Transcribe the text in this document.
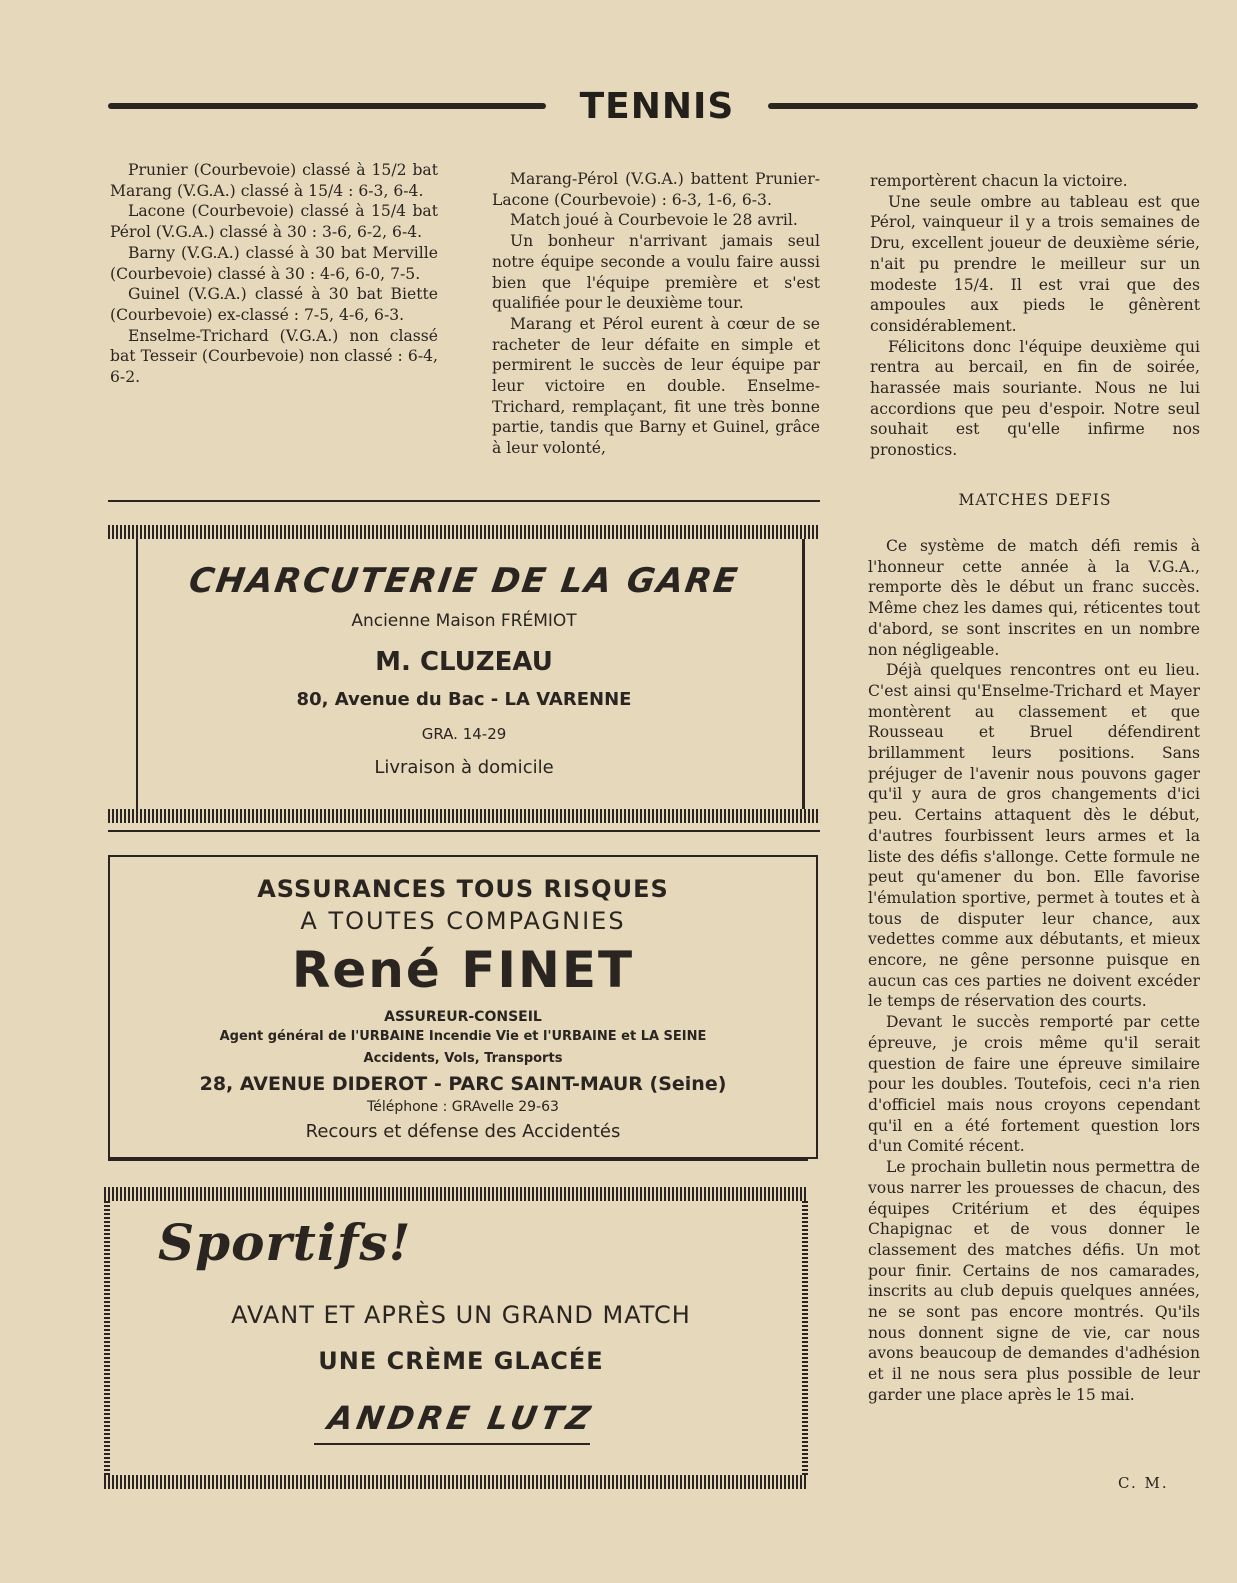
TENNIS

Prunier (Courbevoie) classé à 15/2 bat Marang (V.G.A.) classé à 15/4 : 6-3, 6-4.

Lacone (Courbevoie) classé à 15/4 bat Pérol (V.G.A.) classé à 30 : 3-6, 6-2, 6-4.

Barny (V.G.A.) classé à 30 bat Merville (Courbevoie) classé à 30 : 4-6, 6-0, 7-5.

Guinel (V.G.A.) classé à 30 bat Biette (Courbevoie) ex-classé : 7-5, 4-6, 6-3.

Enselme-Trichard (V.G.A.) non classé bat Tesseir (Courbevoie) non classé : 6-4, 6-2.

Marang-Pérol (V.G.A.) battent Prunier-Lacone (Courbevoie) : 6-3, 1-6, 6-3.

Match joué à Courbevoie le 28 avril.

Un bonheur n'arrivant jamais seul notre équipe seconde a voulu faire aussi bien que l'équipe première et s'est qualifiée pour le deuxième tour.

Marang et Pérol eurent à cœur de se racheter de leur défaite en simple et permirent le succès de leur équipe par leur victoire en double. Enselme-Trichard, remplaçant, fit une très bonne partie, tandis que Barny et Guinel, grâce à leur volonté,

remportèrent chacun la victoire.

Une seule ombre au tableau est que Pérol, vainqueur il y a trois semaines de Dru, excellent joueur de deuxième série, n'ait pu prendre le meilleur sur un modeste 15/4. Il est vrai que des ampoules aux pieds le gênèrent considérablement.

Félicitons donc l'équipe deuxième qui rentra au bercail, en fin de soirée, harassée mais souriante. Nous ne lui accordions que peu d'espoir. Notre seul souhait est qu'elle infirme nos pronostics.

MATCHES DEFIS

Ce système de match défi remis à l'honneur cette année à la V.G.A., remporte dès le début un franc succès. Même chez les dames qui, réticentes tout d'abord, se sont inscrites en un nombre non négligeable.

Déjà quelques rencontres ont eu lieu. C'est ainsi qu'Enselme-Trichard et Mayer montèrent au classement et que Rousseau et Bruel défendirent brillamment leurs positions. Sans préjuger de l'avenir nous pouvons gager qu'il y aura de gros changements d'ici peu. Certains attaquent dès le début, d'autres fourbissent leurs armes et la liste des défis s'allonge. Cette formule ne peut qu'amener du bon. Elle favorise l'émulation sportive, permet à toutes et à tous de disputer leur chance, aux vedettes comme aux débutants, et mieux encore, ne gêne personne puisque en aucun cas ces parties ne doivent excéder le temps de réservation des courts.

Devant le succès remporté par cette épreuve, je crois même qu'il serait question de faire une épreuve similaire pour les doubles. Toutefois, ceci n'a rien d'officiel mais nous croyons cependant qu'il en a été fortement question lors d'un Comité récent.

Le prochain bulletin nous permettra de vous narrer les prouesses de chacun, des équipes Critérium et des équipes Chapignac et de vous donner le classement des matches défis. Un mot pour finir. Certains de nos camarades, inscrits au club depuis quelques années, ne se sont pas encore montrés. Qu'ils nous donnent signe de vie, car nous avons beaucoup de demandes d'adhésion et il ne nous sera plus possible de leur garder une place après le 15 mai.

C. M.
CHARCUTERIE DE LA GARE
Ancienne Maison FRÉMIOT
M. CLUZEAU
80, Avenue du Bac - LA VARENNE
GRA. 14-29
Livraison à domicile
ASSURANCES TOUS RISQUES
A TOUTES COMPAGNIES
René FINET
ASSUREUR-CONSEIL
Agent général de l'URBAINE Incendie Vie et l'URBAINE et LA SEINE
Accidents, Vols, Transports
28, AVENUE DIDEROT - PARC SAINT-MAUR (Seine)
Téléphone : GRAvelle 29-63
Recours et défense des Accidentés
Sportifs!
AVANT ET APRÈS UN GRAND MATCH
UNE CRÈME GLACÉE
ANDRE LUTZ
